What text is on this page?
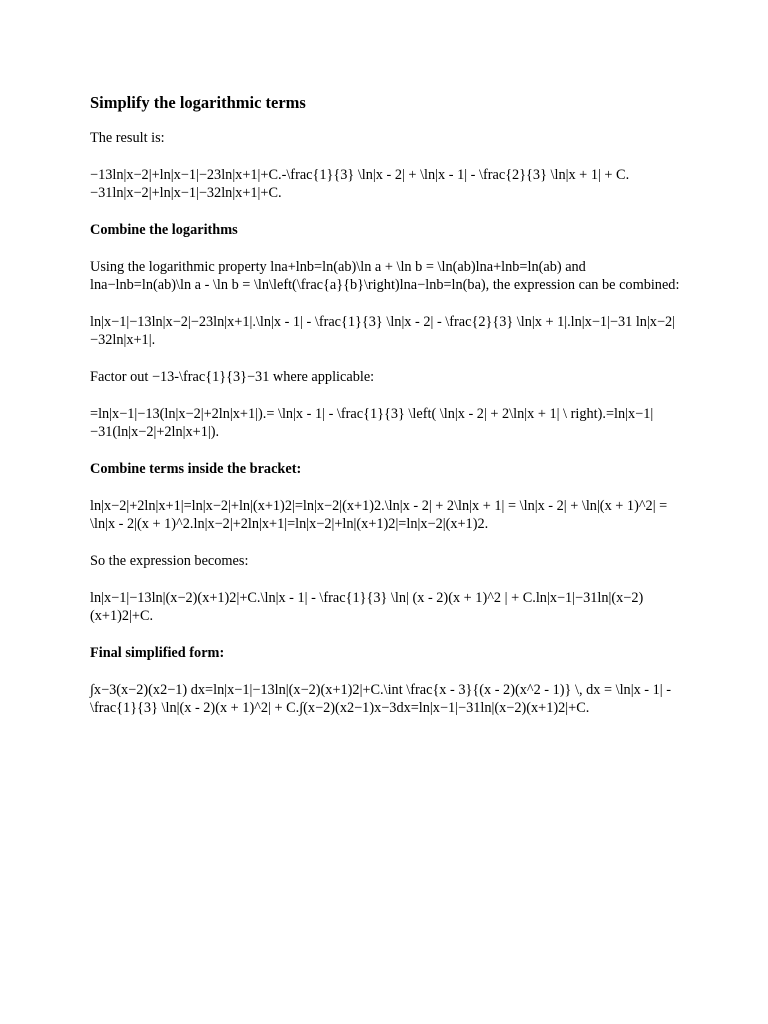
Simplify the logarithmic terms
The result is:
−13ln|x−2|+ln|x−1|−23ln|x+1|+C.-\frac{1}{3} \ln|x - 2| + \ln|x - 1| - \frac{2}{3} \ln|x + 1| + C.
−31ln|x−2|+ln|x−1|−32ln|x+1|+C.
Combine the logarithms
Using the logarithmic property lna+lnb=ln(ab)\ln a + \ln b = \ln(ab)lna+lnb=ln(ab) and lna−lnb=ln(ab)\ln a - \ln b = \ln\left(\frac{a}{b}\right)lna−lnb=ln(ba), the expression can be combined:
ln|x−1|−13ln|x−2|−23ln|x+1|.\ln|x - 1| - \frac{1}{3} \ln|x - 2| - \frac{2}{3} \ln|x + 1|.ln|x−1|−31 ln|x−2|−32ln|x+1|.
Factor out −13-\frac{1}{3}−31 where applicable:
=ln|x−1|−13(ln|x−2|+2ln|x+1|).= \ln|x - 1| - \frac{1}{3} \left( \ln|x - 2| + 2\ln|x + 1| \ right).=ln|x−1|−31(ln|x−2|+2ln|x+1|).
Combine terms inside the bracket:
ln|x−2|+2ln|x+1|=ln|x−2|+ln|(x+1)2|=ln|x−2|(x+1)2.\ln|x - 2| + 2\ln|x + 1| = \ln|x - 2| + \ln|(x + 1)^2| = \ln|x - 2|(x + 1)^2.ln|x−2|+2ln|x+1|=ln|x−2|+ln|(x+1)2|=ln|x−2|(x+1)2.
So the expression becomes:
ln|x−1|−13ln|(x−2)(x+1)2|+C.\ln|x - 1| - \frac{1}{3} \ln| (x - 2)(x + 1)^2 | + C.ln|x−1|−31ln|(x−2)(x+1)2|+C.
Final simplified form:
∫x−3(x−2)(x2−1) dx=ln|x−1|−13ln|(x−2)(x+1)2|+C.\int \frac{x - 3}{(x - 2)(x^2 - 1)} \, dx = \ln|x - 1| - \frac{1}{3} \ln|(x - 2)(x + 1)^2| + C.∫(x−2)(x2−1)x−3dx=ln|x−1|−31ln|(x−2)(x+1)2|+C.
